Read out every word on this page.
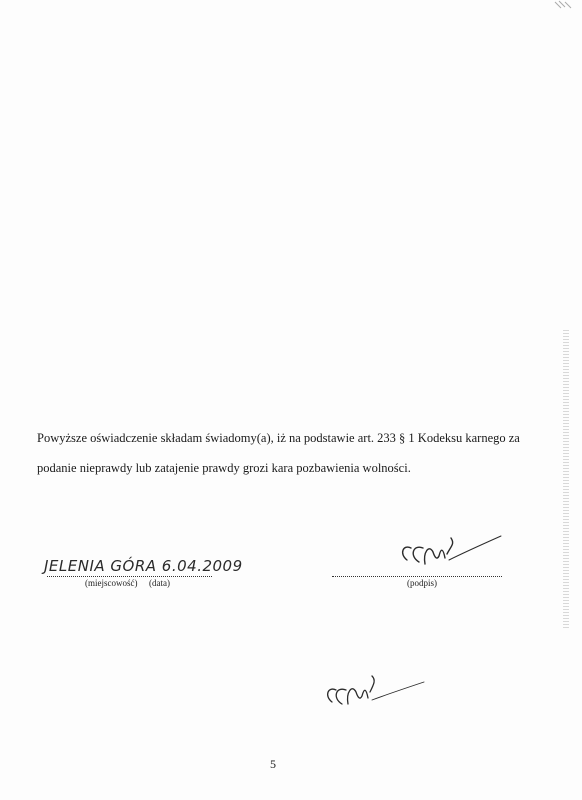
Powyższe oświadczenie składam świadomy(a), iż na podstawie art. 233 § 1 Kodeksu karnego za podanie nieprawdy lub zatajenie prawdy grozi kara pozbawienia wolności.

JELENIA GÓRA 6.04.2009
(miejscowość) (data)	(podpis)
5
